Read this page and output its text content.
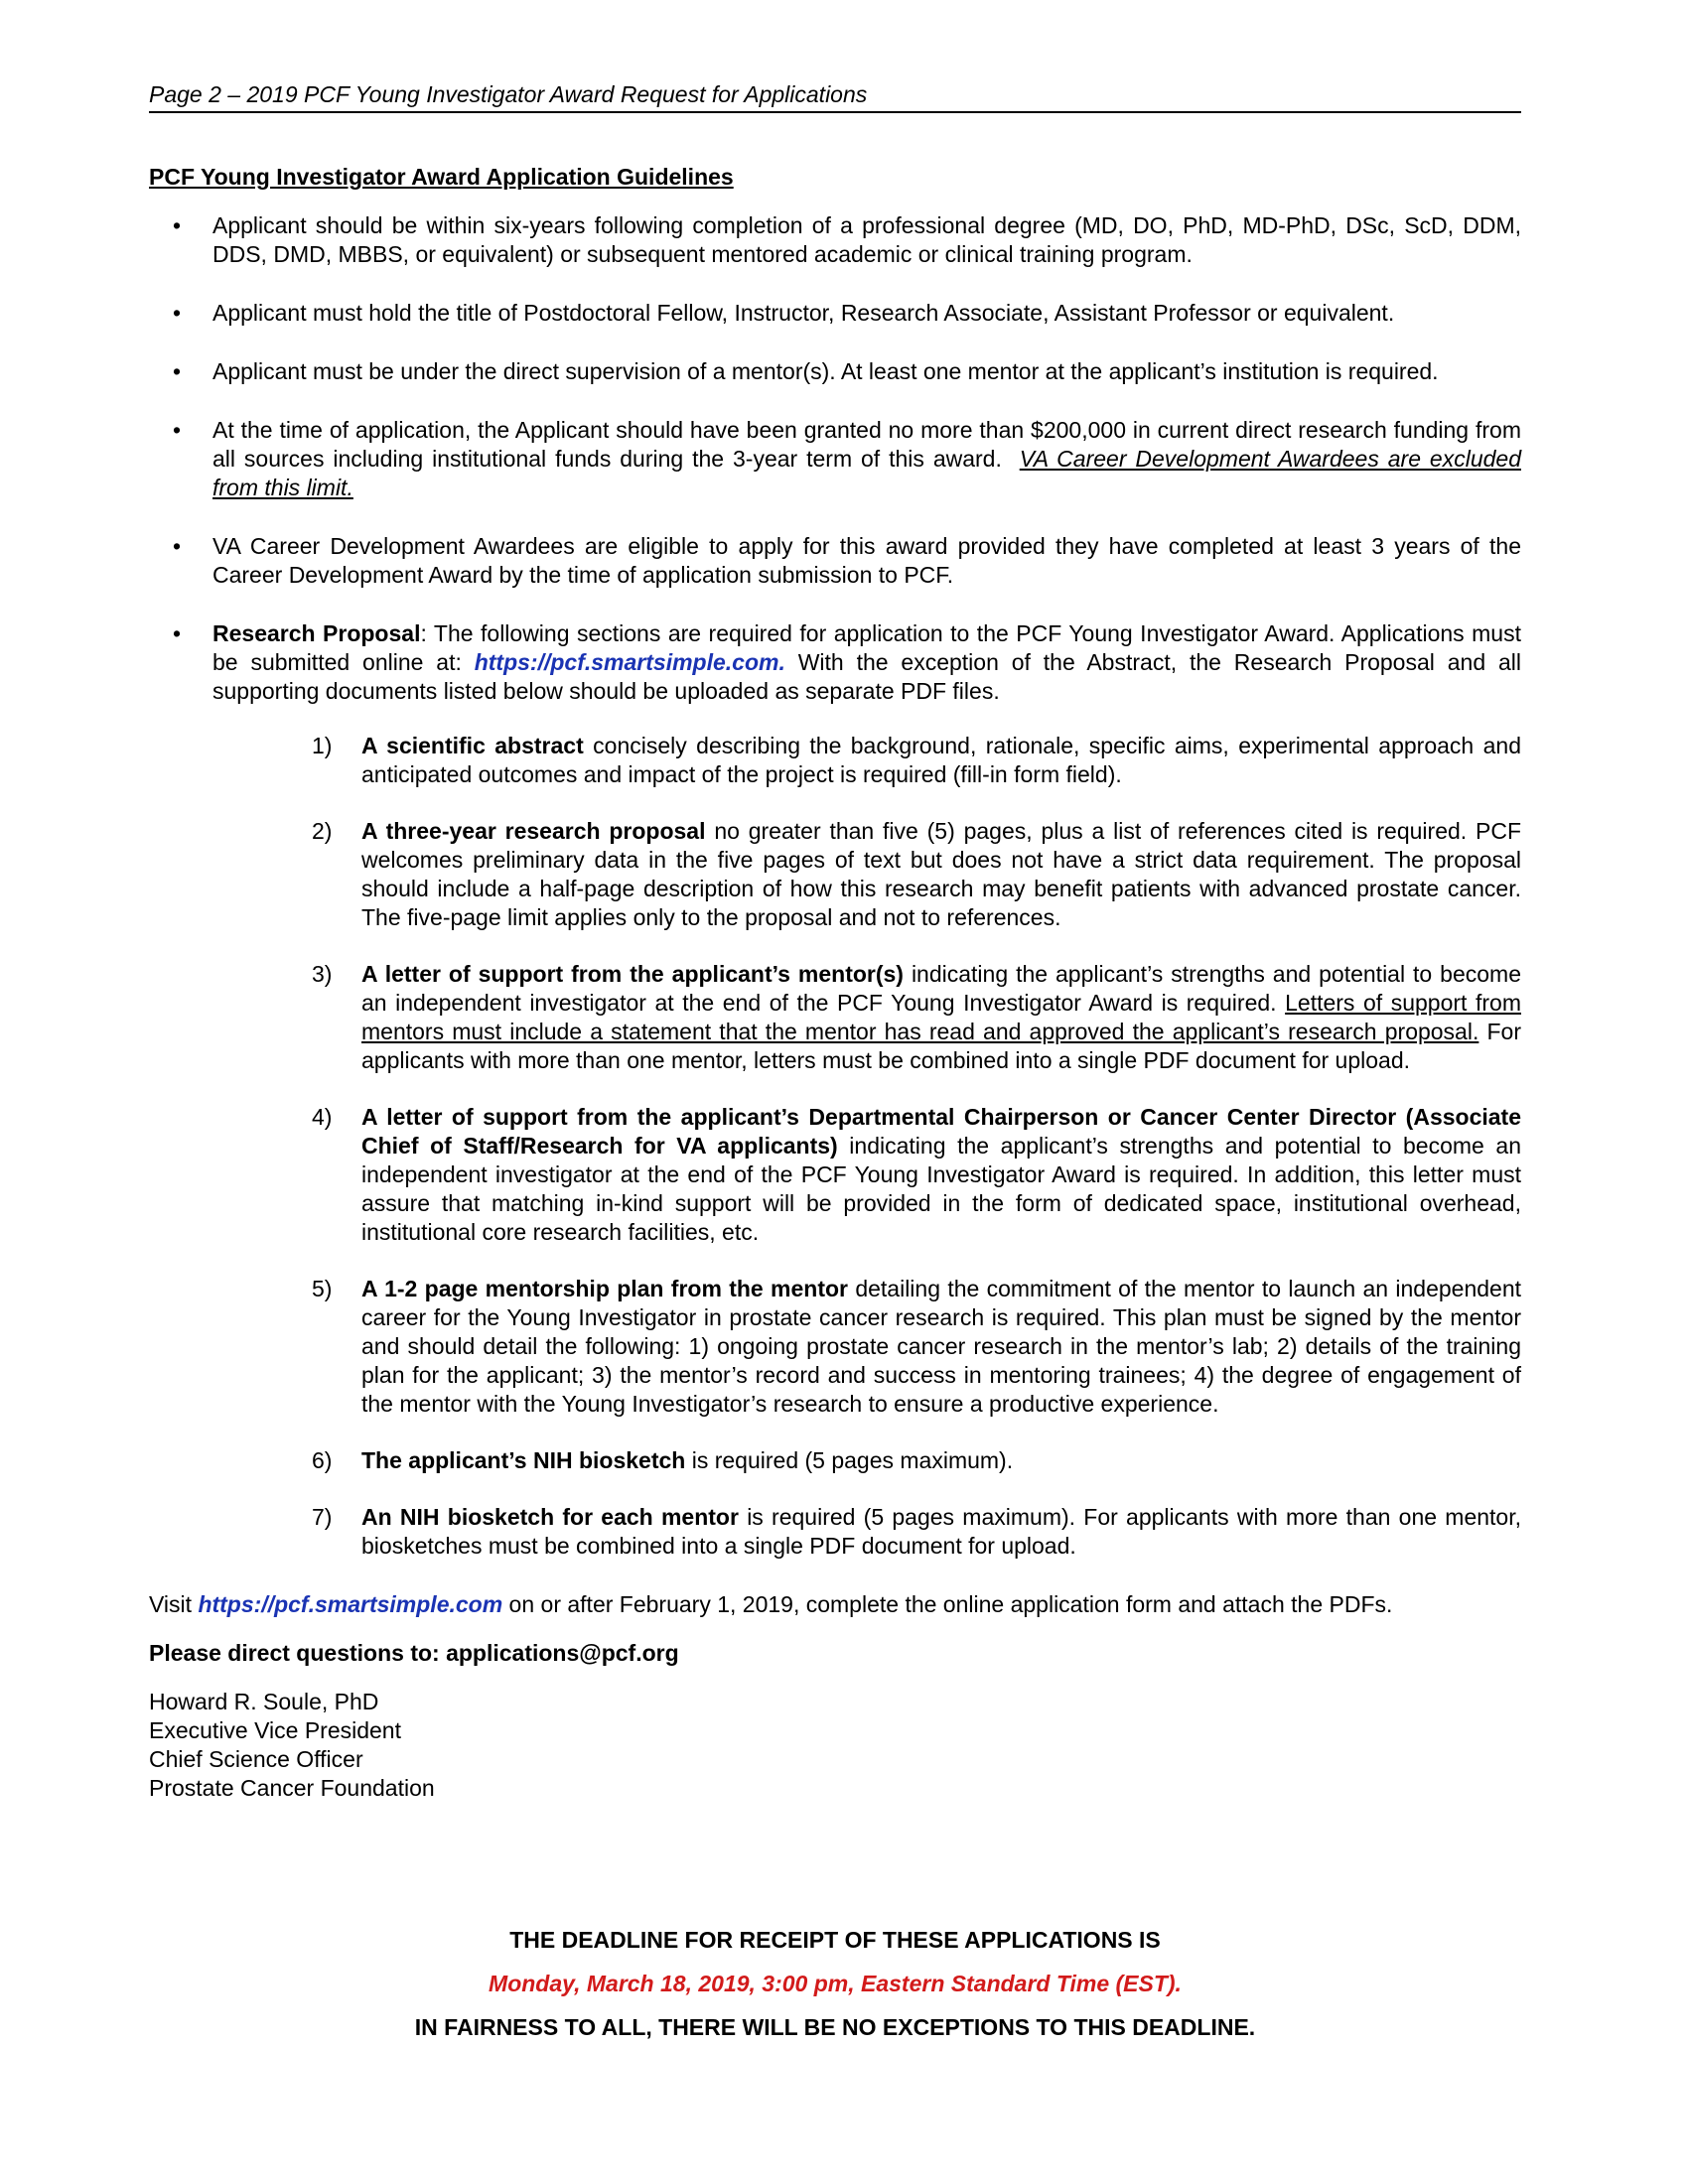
Page 2 – 2019 PCF Young Investigator Award Request for Applications
PCF Young Investigator Award Application Guidelines
• Applicant should be within six-years following completion of a professional degree (MD, DO, PhD, MD-PhD, DSc, ScD, DDM, DDS, DMD, MBBS, or equivalent) or subsequent mentored academic or clinical training program.
• Applicant must hold the title of Postdoctoral Fellow, Instructor, Research Associate, Assistant Professor or equivalent.
• Applicant must be under the direct supervision of a mentor(s). At least one mentor at the applicant’s institution is required.
• At the time of application, the Applicant should have been granted no more than $200,000 in current direct research funding from all sources including institutional funds during the 3-year term of this award. VA Career Development Awardees are excluded from this limit.
• VA Career Development Awardees are eligible to apply for this award provided they have completed at least 3 years of the Career Development Award by the time of application submission to PCF.
• Research Proposal: The following sections are required for application to the PCF Young Investigator Award. Applications must be submitted online at: https://pcf.smartsimple.com. With the exception of the Abstract, the Research Proposal and all supporting documents listed below should be uploaded as separate PDF files.
1) A scientific abstract concisely describing the background, rationale, specific aims, experimental approach and anticipated outcomes and impact of the project is required (fill-in form field).
2) A three-year research proposal no greater than five (5) pages, plus a list of references cited is required. PCF welcomes preliminary data in the five pages of text but does not have a strict data requirement. The proposal should include a half-page description of how this research may benefit patients with advanced prostate cancer. The five-page limit applies only to the proposal and not to references.
3) A letter of support from the applicant’s mentor(s) indicating the applicant’s strengths and potential to become an independent investigator at the end of the PCF Young Investigator Award is required. Letters of support from mentors must include a statement that the mentor has read and approved the applicant’s research proposal. For applicants with more than one mentor, letters must be combined into a single PDF document for upload.
4) A letter of support from the applicant’s Departmental Chairperson or Cancer Center Director (Associate Chief of Staff/Research for VA applicants) indicating the applicant’s strengths and potential to become an independent investigator at the end of the PCF Young Investigator Award is required. In addition, this letter must assure that matching in-kind support will be provided in the form of dedicated space, institutional overhead, institutional core research facilities, etc.
5) A 1-2 page mentorship plan from the mentor detailing the commitment of the mentor to launch an independent career for the Young Investigator in prostate cancer research is required. This plan must be signed by the mentor and should detail the following: 1) ongoing prostate cancer research in the mentor’s lab; 2) details of the training plan for the applicant; 3) the mentor’s record and success in mentoring trainees; 4) the degree of engagement of the mentor with the Young Investigator’s research to ensure a productive experience.
6) The applicant’s NIH biosketch is required (5 pages maximum).
7) An NIH biosketch for each mentor is required (5 pages maximum). For applicants with more than one mentor, biosketches must be combined into a single PDF document for upload.

Visit https://pcf.smartsimple.com on or after February 1, 2019, complete the online application form and attach the PDFs.

Please direct questions to: applications@pcf.org

Howard R. Soule, PhD
Executive Vice President
Chief Science Officer
Prostate Cancer Foundation
THE DEADLINE FOR RECEIPT OF THESE APPLICATIONS IS
Monday, March 18, 2019, 3:00 pm, Eastern Standard Time (EST).
IN FAIRNESS TO ALL, THERE WILL BE NO EXCEPTIONS TO THIS DEADLINE.
